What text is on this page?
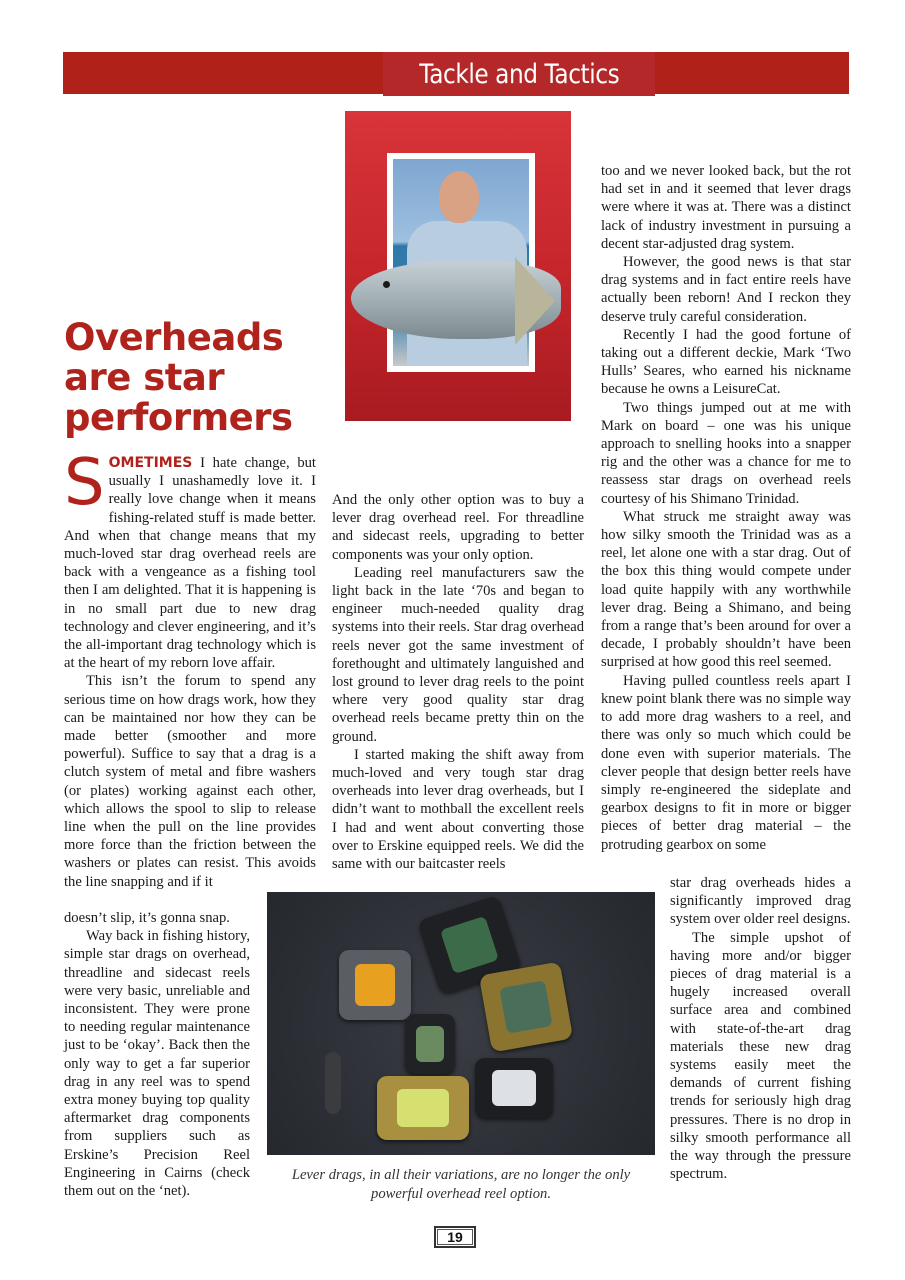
Tackle and Tactics
Overheads
are star
performers

SOMETIMES I hate change, but usually I unashamedly love it. I really love change when it means fishing-related stuff is made better. And when that change means that my much-loved star drag overhead reels are back with a vengeance as a fishing tool then I am delighted. That it is happening is in no small part due to new drag technology and clever engineering, and it’s the all-important drag technology which is at the heart of my reborn love affair.

This isn’t the forum to spend any serious time on how drags work, how they can be maintained nor how they can be made better (smoother and more powerful). Suffice to say that a drag is a clutch system of metal and fibre washers (or plates) working against each other, which allows the spool to slip to release line when the pull on the line provides more force than the friction between the washers or plates can resist. This avoids the line snapping and if it

doesn’t slip, it’s gonna snap.

Way back in fishing history, simple star drags on overhead, threadline and sidecast reels were very basic, unreliable and inconsistent. They were prone to needing regular maintenance just to be ‘okay’. Back then the only way to get a far superior drag in any reel was to spend extra money buying top quality aftermarket drag components from suppliers such as Erskine’s Precision Reel Engineering in Cairns (check them out on the ‘net).

And the only other option was to buy a lever drag overhead reel. For threadline and sidecast reels, upgrading to better components was your only option.

Leading reel manufacturers saw the light back in the late ‘70s and began to engineer much-needed quality drag systems into their reels. Star drag overhead reels never got the same investment of forethought and ultimately languished and lost ground to lever drag reels to the point where very good quality star drag overhead reels became pretty thin on the ground.

I started making the shift away from much-loved and very tough star drag overheads into lever drag overheads, but I didn’t want to mothball the excellent reels I had and went about converting those over to Erskine equipped reels. We did the same with our baitcaster reels

too and we never looked back, but the rot had set in and it seemed that lever drags were where it was at. There was a distinct lack of industry investment in pursuing a decent star-adjusted drag system.

However, the good news is that star drag systems and in fact entire reels have actually been reborn! And I reckon they deserve truly careful consideration.

Recently I had the good fortune of taking out a different deckie, Mark ‘Two Hulls’ Seares, who earned his nickname because he owns a LeisureCat.

Two things jumped out at me with Mark on board – one was his unique approach to snelling hooks into a snapper rig and the other was a chance for me to reassess star drags on overhead reels courtesy of his Shimano Trinidad.

What struck me straight away was how silky smooth the Trinidad was as a reel, let alone one with a star drag. Out of the box this thing would compete under load quite happily with any worthwhile lever drag. Being a Shimano, and being from a range that’s been around for over a decade, I probably shouldn’t have been surprised at how good this reel seemed.

Having pulled countless reels apart I knew point blank there was no simple way to add more drag washers to a reel, and there was only so much which could be done even with superior materials. The clever people that design better reels have simply re-engineered the sideplate and gearbox designs to fit in more or bigger pieces of better drag material – the protruding gearbox on some

star drag overheads hides a significantly improved drag system over older reel designs.

The simple upshot of having more and/or bigger pieces of drag material is a hugely increased overall surface area and combined with state-of-the-art drag materials these new drag systems easily meet the demands of current fishing trends for seriously high drag pressures. There is no drop in silky smooth performance all the way through the pressure spectrum.

Lever drags, in all their variations, are no longer the only powerful overhead reel option.

19
